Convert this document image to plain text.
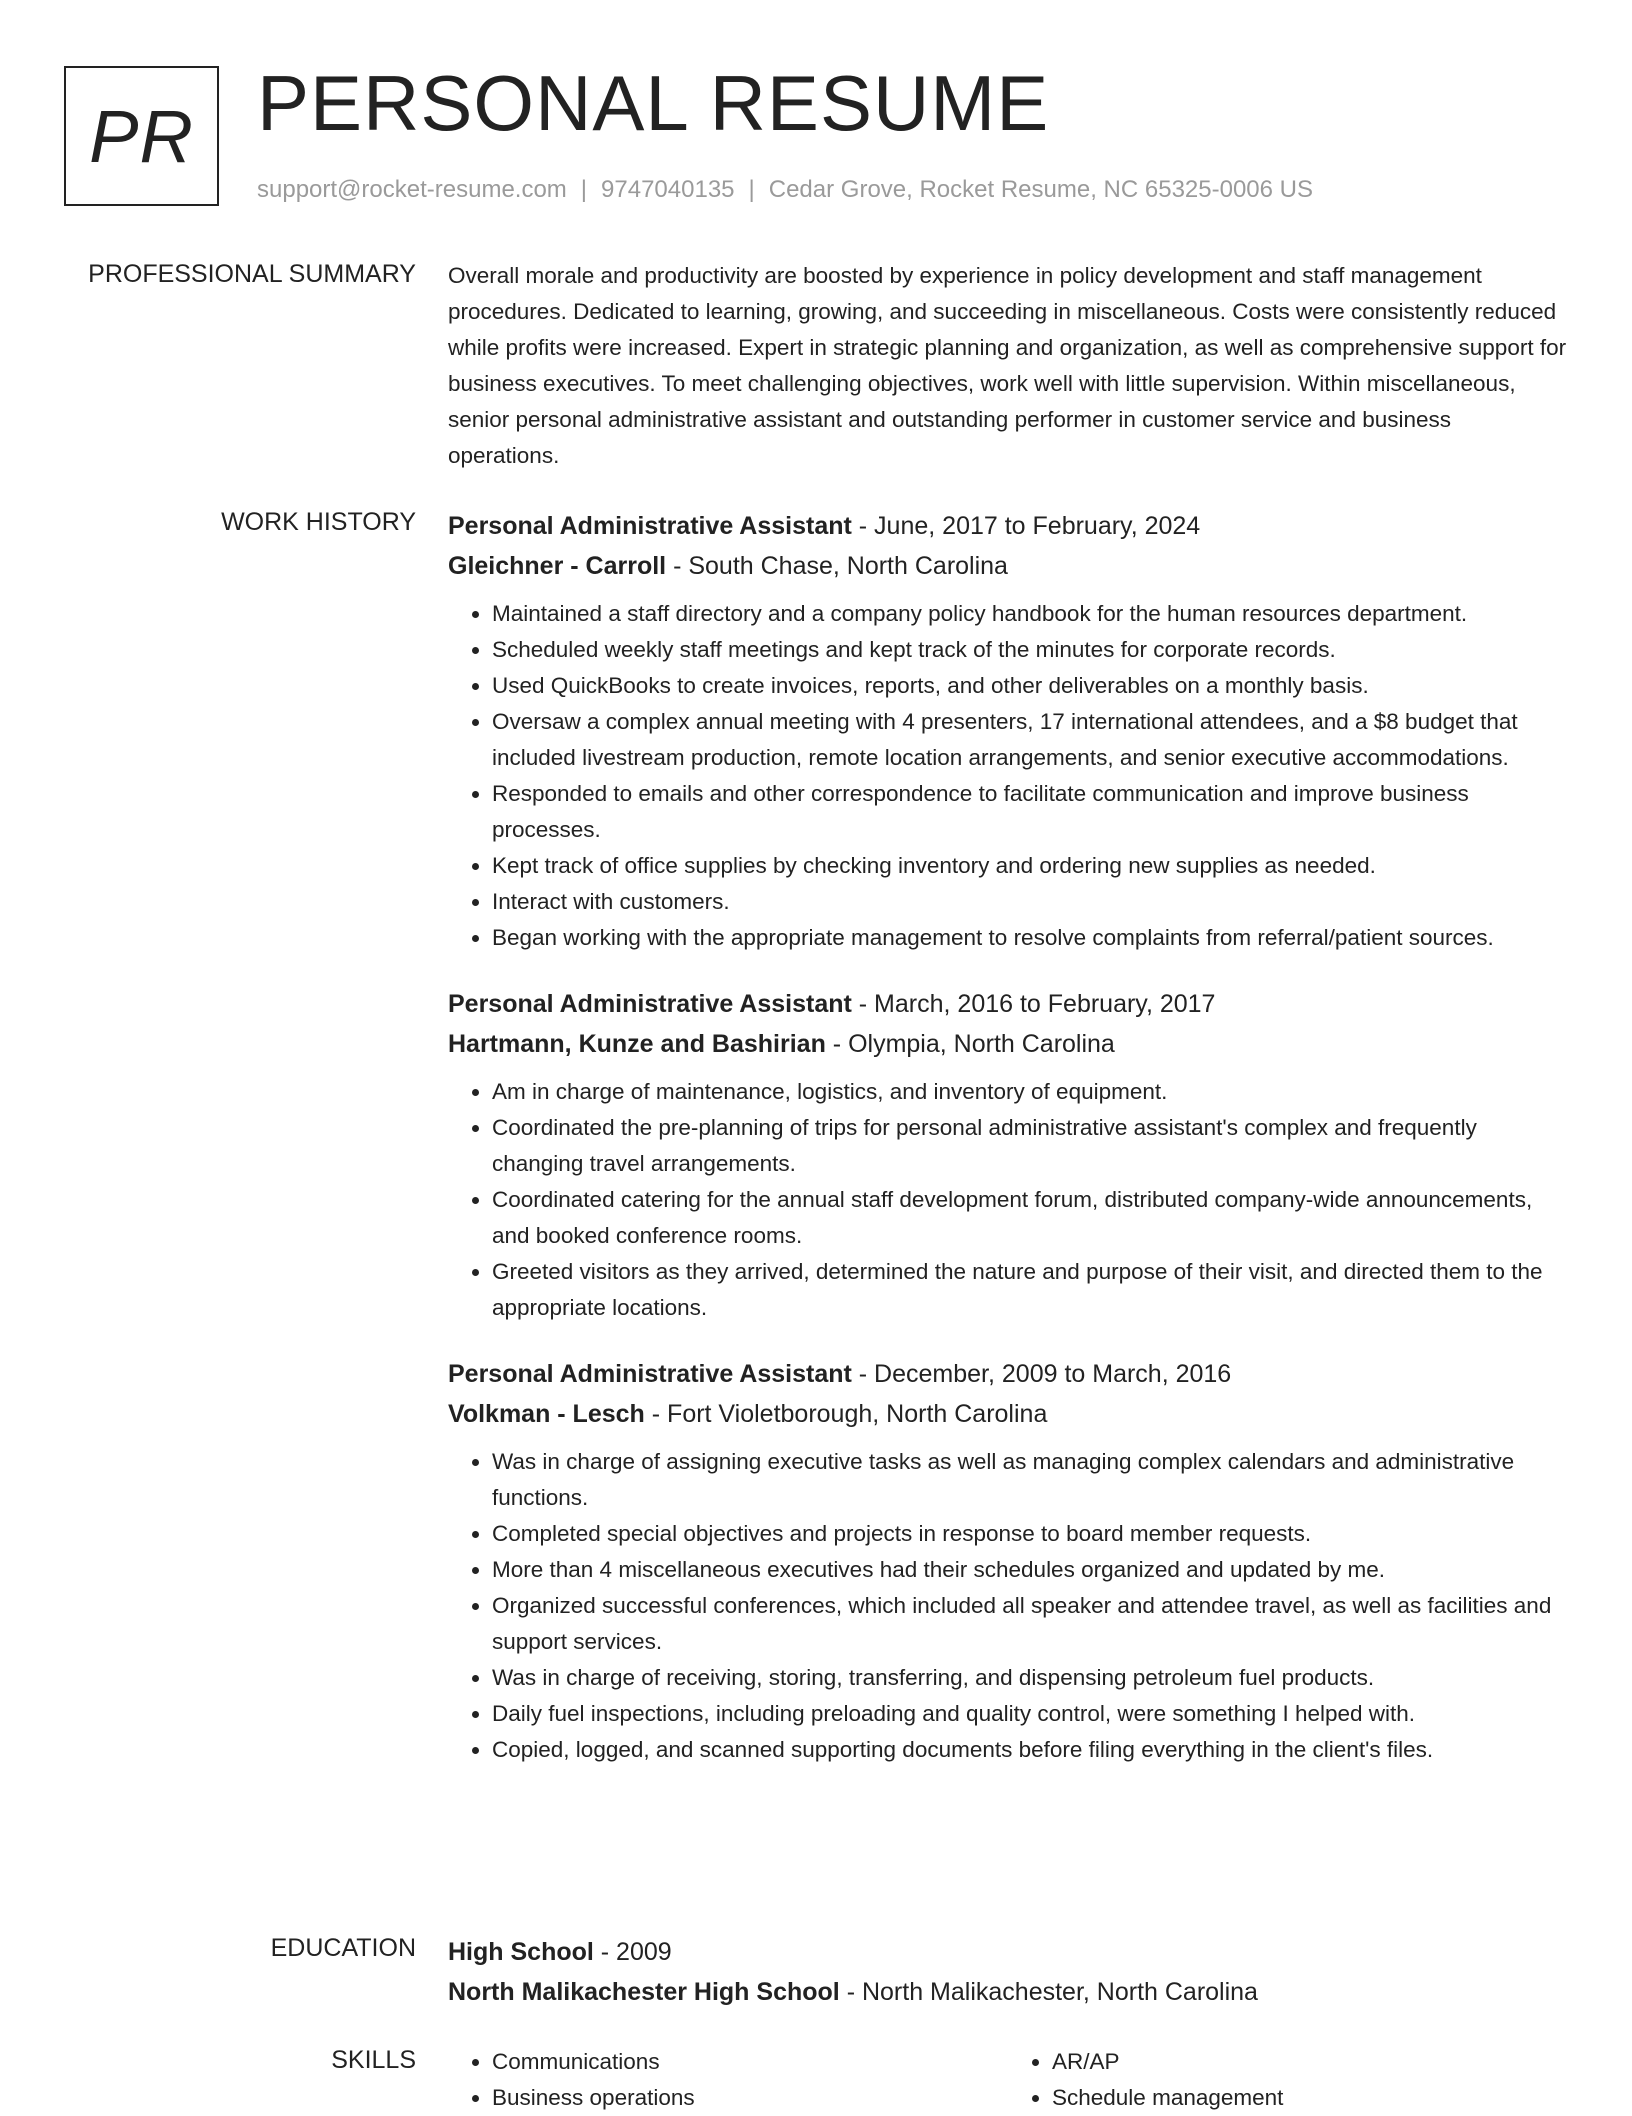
PR PERSONAL RESUME
support@rocket-resume.com | 9747040135 | Cedar Grove, Rocket Resume, NC 65325-0006 US
PROFESSIONAL SUMMARY Overall morale and productivity are boosted by experience in policy development and staff management procedures. Dedicated to learning, growing, and succeeding in miscellaneous. Costs were consistently reduced while profits were increased. Expert in strategic planning and organization, as well as comprehensive support for business executives. To meet challenging objectives, work well with little supervision. Within miscellaneous, senior personal administrative assistant and outstanding performer in customer service and business operations.

WORK HISTORY Personal Administrative Assistant - June, 2017 to February, 2024
Gleichner - Carroll - South Chase, North Carolina
• Maintained a staff directory and a company policy handbook for the human resources department.
• Scheduled weekly staff meetings and kept track of the minutes for corporate records.
• Used QuickBooks to create invoices, reports, and other deliverables on a monthly basis.
• Oversaw a complex annual meeting with 4 presenters, 17 international attendees, and a $8 budget that included livestream production, remote location arrangements, and senior executive accommodations.
• Responded to emails and other correspondence to facilitate communication and improve business processes.
• Kept track of office supplies by checking inventory and ordering new supplies as needed.
• Interact with customers.
• Began working with the appropriate management to resolve complaints from referral/patient sources.
Personal Administrative Assistant - March, 2016 to February, 2017
Hartmann, Kunze and Bashirian - Olympia, North Carolina
• Am in charge of maintenance, logistics, and inventory of equipment.
• Coordinated the pre-planning of trips for personal administrative assistant's complex and frequently changing travel arrangements.
• Coordinated catering for the annual staff development forum, distributed company-wide announcements, and booked conference rooms.
• Greeted visitors as they arrived, determined the nature and purpose of their visit, and directed them to the appropriate locations.
Personal Administrative Assistant - December, 2009 to March, 2016
Volkman - Lesch - Fort Violetborough, North Carolina
• Was in charge of assigning executive tasks as well as managing complex calendars and administrative functions.
• Completed special objectives and projects in response to board member requests.
• More than 4 miscellaneous executives had their schedules organized and updated by me.
• Organized successful conferences, which included all speaker and attendee travel, as well as facilities and support services.
• Was in charge of receiving, storing, transferring, and dispensing petroleum fuel products.
• Daily fuel inspections, including preloading and quality control, were something I helped with.
• Copied, logged, and scanned supporting documents before filing everything in the client's files.
EDUCATION High School - 2009
North Malikachester High School - North Malikachester, North Carolina
SKILLS
•	Communications
• Business operations
• AR/AP
• Schedule management
